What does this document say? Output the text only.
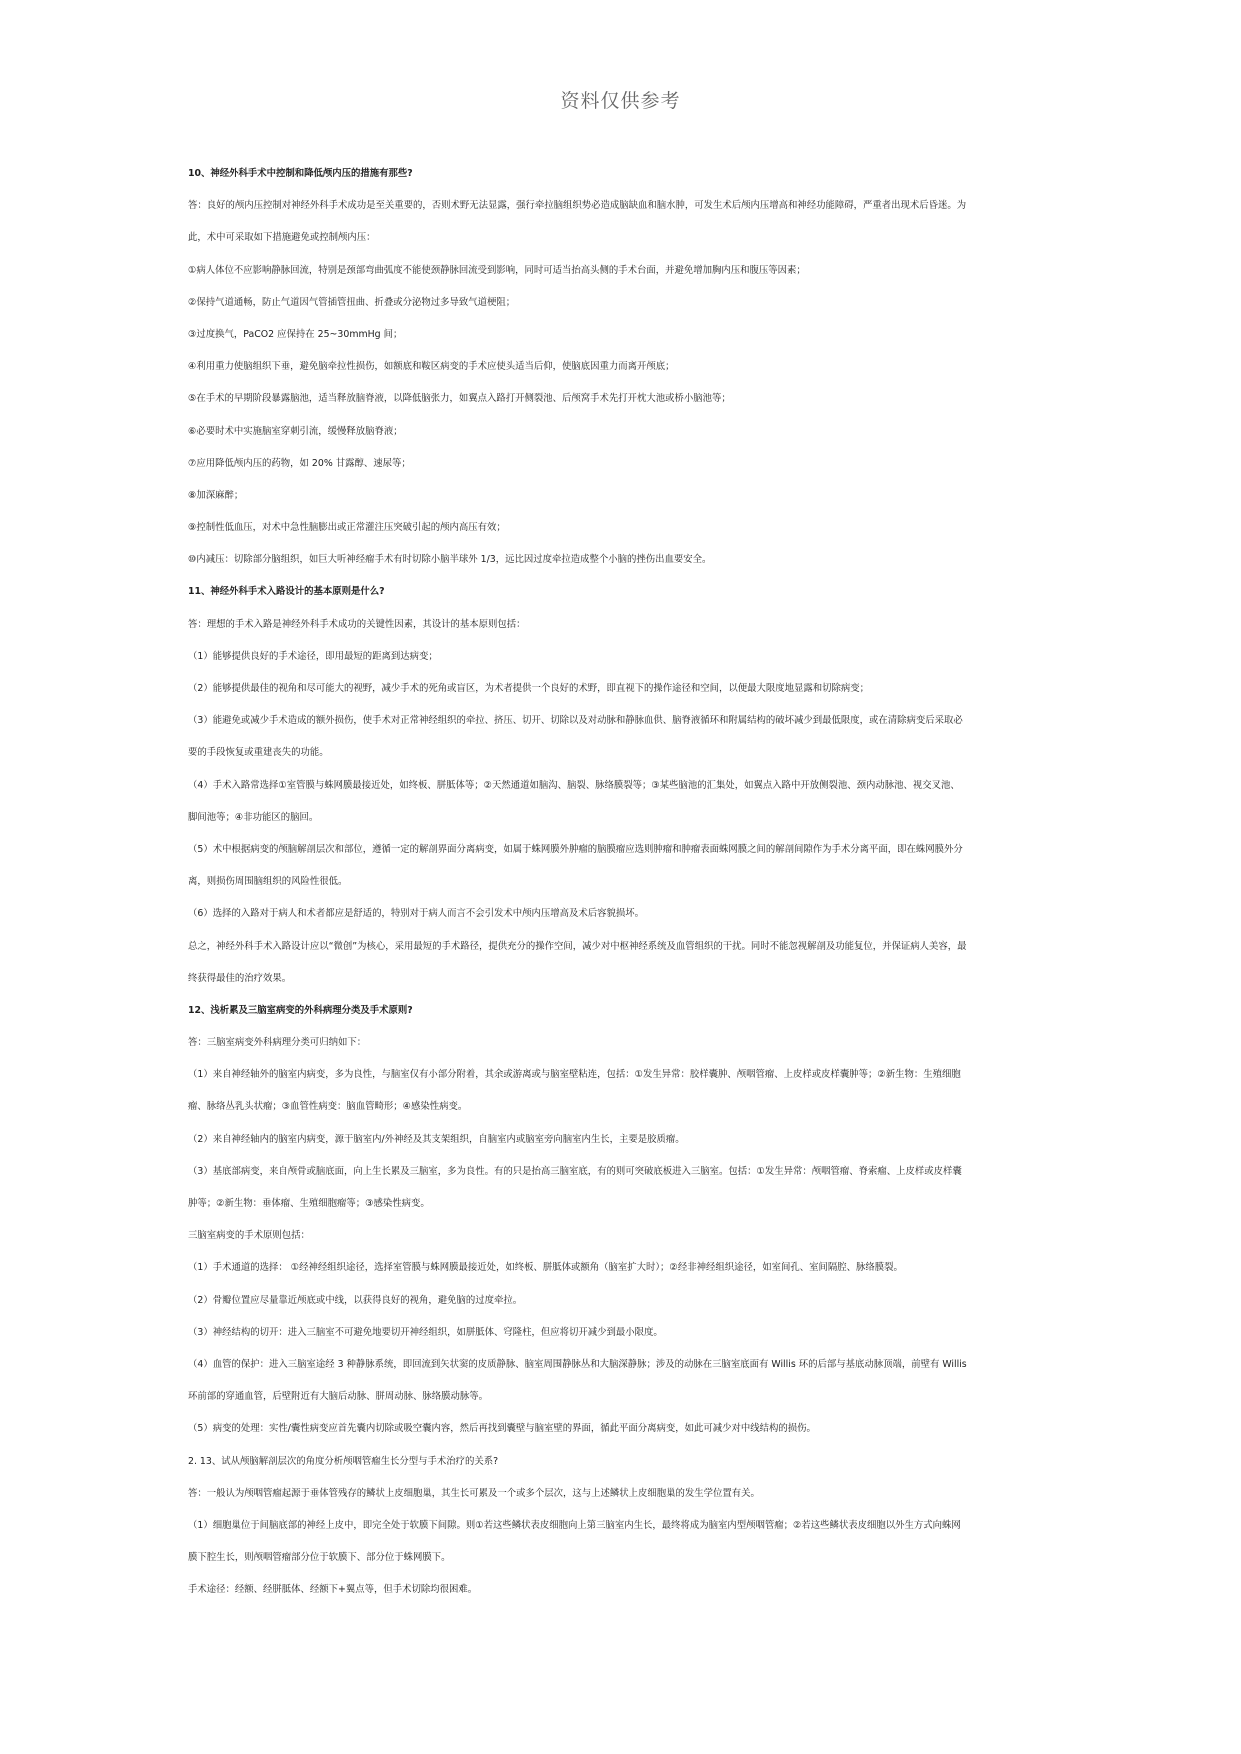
资料仅供参考
10、神经外科手术中控制和降低颅内压的措施有那些?
答：良好的颅内压控制对神经外科手术成功是至关重要的，否则术野无法显露，强行牵拉脑组织势必造成脑缺血和脑水肿，可发生术后颅内压增高和神经功能障碍，严重者出现术后昏迷。为
此，术中可采取如下措施避免或控制颅内压：
①病人体位不应影响静脉回流，特别是颈部弯曲弧度不能使颈静脉回流受到影响，同时可适当抬高头侧的手术台面，并避免增加胸内压和腹压等因素；
②保持气道通畅，防止气道因气管插管扭曲、折叠或分泌物过多导致气道梗阻；
③过度换气，PaCO2 应保持在 25~30mmHg 间；
④利用重力使脑组织下垂，避免脑牵拉性损伤，如额底和鞍区病变的手术应使头适当后仰，使脑底因重力而离开颅底；
⑤在手术的早期阶段暴露脑池，适当释放脑脊液，以降低脑张力，如翼点入路打开侧裂池、后颅窝手术先打开枕大池或桥小脑池等；
⑥必要时术中实施脑室穿刺引流，缓慢释放脑脊液；
⑦应用降低颅内压的药物，如 20% 甘露醇、速尿等；
⑧加深麻醉；
⑨控制性低血压，对术中急性脑膨出或正常灌注压突破引起的颅内高压有效；
⑩内减压：切除部分脑组织，如巨大听神经瘤手术有时切除小脑半球外 1/3，远比因过度牵拉造成整个小脑的挫伤出血要安全。
11、神经外科手术入路设计的基本原则是什么?
答：理想的手术入路是神经外科手术成功的关键性因素，其设计的基本原则包括：
（1）能够提供良好的手术途径，即用最短的距离到达病变；
（2）能够提供最佳的视角和尽可能大的视野，减少手术的死角或盲区，为术者提供一个良好的术野，即直视下的操作途径和空间，以便最大限度地显露和切除病变；
（3）能避免或减少手术造成的额外损伤，使手术对正常神经组织的牵拉、挤压、切开、切除以及对动脉和静脉血供、脑脊液循环和附属结构的破坏减少到最低限度，或在清除病变后采取必
要的手段恢复或重建丧失的功能。
（4）手术入路常选择①室管膜与蛛网膜最接近处，如终板、胼胝体等；②天然通道如脑沟、脑裂、脉络膜裂等；③某些脑池的汇集处，如翼点入路中开放侧裂池、颈内动脉池、视交叉池、
脚间池等；④非功能区的脑回。
（5）术中根据病变的颅脑解剖层次和部位，遵循一定的解剖界面分离病变，如属于蛛网膜外肿瘤的脑膜瘤应选则肿瘤和肿瘤表面蛛网膜之间的解剖间隙作为手术分离平面，即在蛛网膜外分
离，则损伤周围脑组织的风险性很低。
（6）选择的入路对于病人和术者都应是舒适的，特别对于病人而言不会引发术中颅内压增高及术后容貌损坏。
总之，神经外科手术入路设计应以“微创”为核心，采用最短的手术路径，提供充分的操作空间，减少对中枢神经系统及血管组织的干扰。同时不能忽视解剖及功能复位，并保证病人美容，最
终获得最佳的治疗效果。
12、浅析累及三脑室病变的外科病理分类及手术原则?
答：三脑室病变外科病理分类可归纳如下：
（1）来自神经轴外的脑室内病变，多为良性，与脑室仅有小部分附着，其余或游离或与脑室壁粘连，包括：①发生异常：胶样囊肿、颅咽管瘤、上皮样或皮样囊肿等；②新生物：生殖细胞
瘤、脉络丛乳头状瘤；③血管性病变：脑血管畸形；④感染性病变。
（2）来自神经轴内的脑室内病变，源于脑室内/外神经及其支架组织，自脑室内或脑室旁向脑室内生长，主要是胶质瘤。
（3）基底部病变，来自颅骨或脑底面，向上生长累及三脑室，多为良性。有的只是抬高三脑室底，有的则可突破底板进入三脑室。包括：①发生异常：颅咽管瘤、脊索瘤、上皮样或皮样囊
肿等；②新生物：垂体瘤、生殖细胞瘤等；③感染性病变。
三脑室病变的手术原则包括：
（1）手术通道的选择： ①经神经组织途径，选择室管膜与蛛网膜最接近处，如终板、胼胝体或额角（脑室扩大时）；②经非神经组织途径，如室间孔、室间隔腔、脉络膜裂。
（2）骨瓣位置应尽量靠近颅底或中线，以获得良好的视角，避免脑的过度牵拉。
（3）神经结构的切开：进入三脑室不可避免地要切开神经组织，如胼胝体、穹隆柱，但应将切开减少到最小限度。
（4）血管的保护：进入三脑室途经 3 种静脉系统，即回流到矢状窦的皮质静脉、脑室周围静脉丛和大脑深静脉；涉及的动脉在三脑室底面有 Willis 环的后部与基底动脉顶端，前壁有 Willis
环前部的穿通血管，后壁附近有大脑后动脉、胼周动脉、脉络膜动脉等。
（5）病变的处理：实性/囊性病变应首先囊内切除或吸空囊内容，然后再找到囊壁与脑室壁的界面，循此平面分离病变，如此可减少对中线结构的损伤。
2. 13、试从颅脑解剖层次的角度分析颅咽管瘤生长分型与手术治疗的关系?
答：一般认为颅咽管瘤起源于垂体管残存的鳞状上皮细胞巢，其生长可累及一个或多个层次，这与上述鳞状上皮细胞巢的发生学位置有关。
（1）细胞巢位于间脑底部的神经上皮中，即完全处于软膜下间隙。则①若这些鳞状表皮细胞向上第三脑室内生长，最终将成为脑室内型颅咽管瘤；②若这些鳞状表皮细胞以外生方式向蛛网
膜下腔生长，则颅咽管瘤部分位于软膜下、部分位于蛛网膜下。
手术途径：经额、经胼胝体、经额下+翼点等，但手术切除均很困难。
